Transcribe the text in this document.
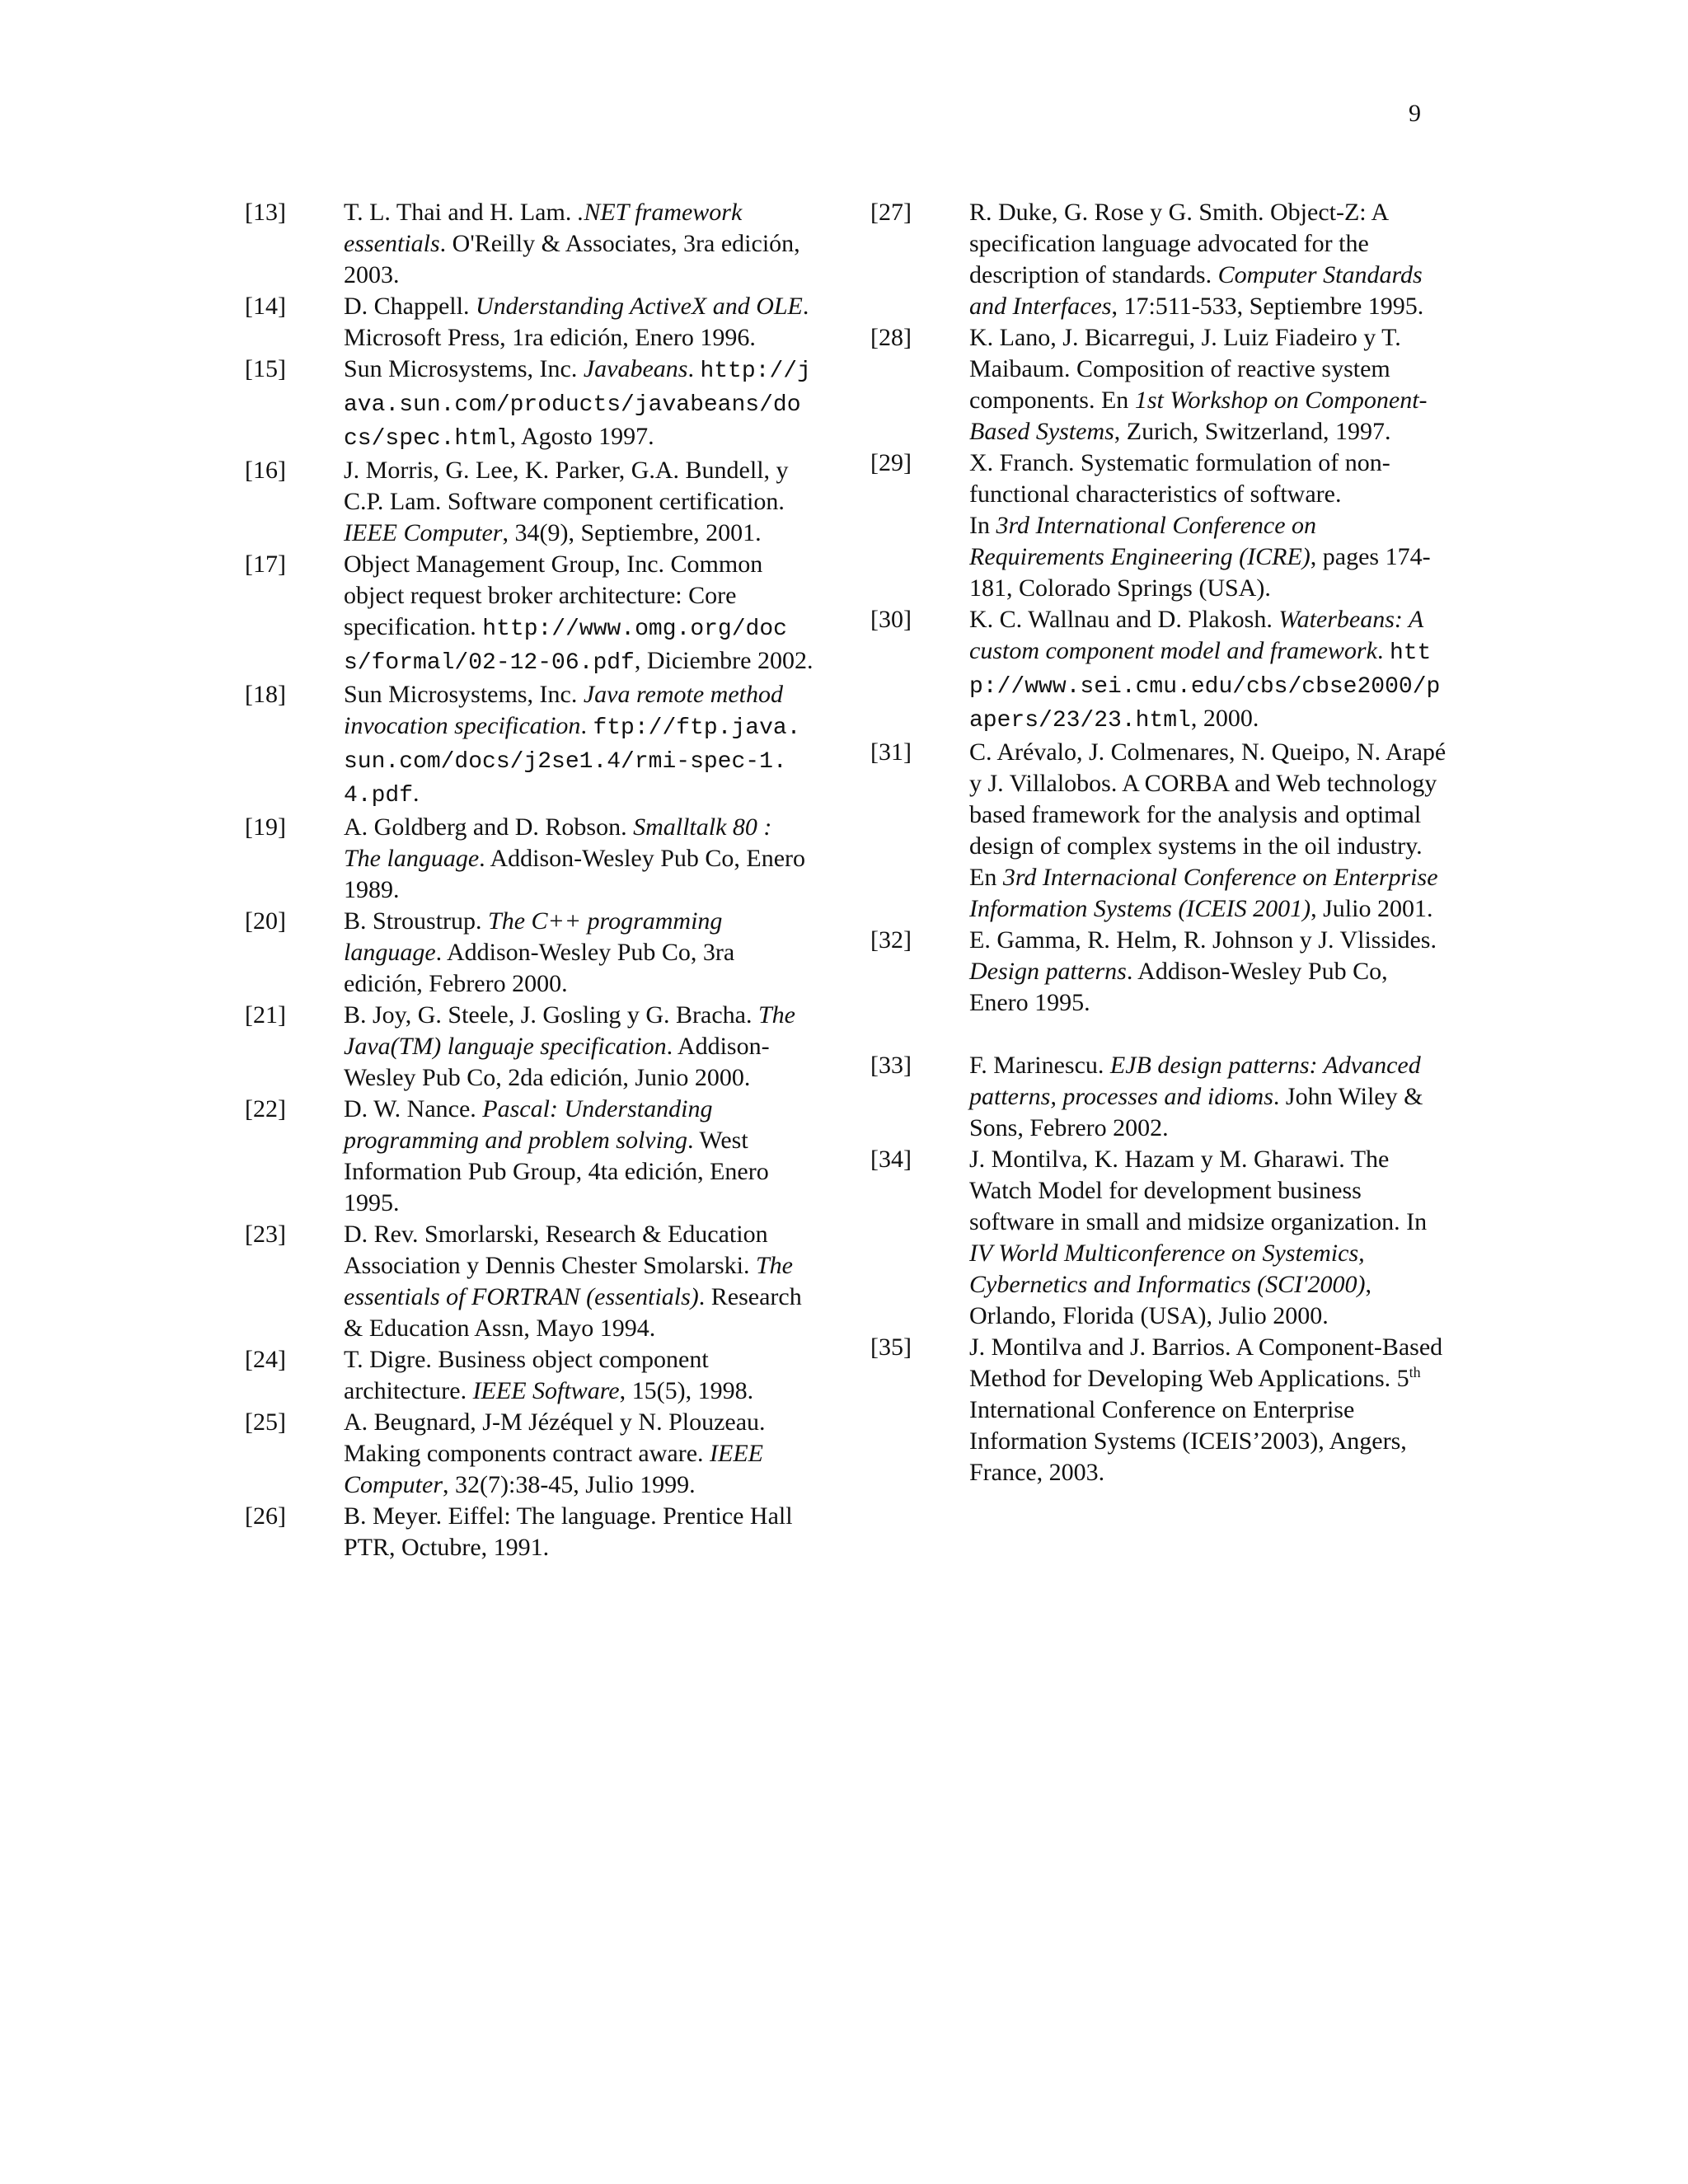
9
[13] T. L. Thai and H. Lam. .NET framework essentials. O'Reilly & Associates, 3ra edición, 2003.
[14] D. Chappell. Understanding ActiveX and OLE. Microsoft Press, 1ra edición, Enero 1996.
[15] Sun Microsystems, Inc. Javabeans. http://java.sun.com/products/javabeans/docs/spec.html, Agosto 1997.
[16] J. Morris, G. Lee, K. Parker, G.A. Bundell, y C.P. Lam. Software component certification. IEEE Computer, 34(9), Septiembre, 2001.
[17] Object Management Group, Inc. Common object request broker architecture: Core specification. http://www.omg.org/docs/formal/02-12-06.pdf, Diciembre 2002.
[18] Sun Microsystems, Inc. Java remote method invocation specification. ftp://ftp.java.sun.com/docs/j2se1.4/rmi-spec-1.4.pdf.
[19] A. Goldberg and D. Robson. Smalltalk 80 : The language. Addison-Wesley Pub Co, Enero 1989.
[20] B. Stroustrup. The C++ programming language. Addison-Wesley Pub Co, 3ra edición, Febrero 2000.
[21] B. Joy, G. Steele, J. Gosling y G. Bracha. The Java(TM) languaje specification. Addison-Wesley Pub Co, 2da edición, Junio 2000.
[22] D. W. Nance. Pascal: Understanding programming and problem solving. West Information Pub Group, 4ta edición, Enero 1995.
[23] D. Rev. Smorlarski, Research & Education Association y Dennis Chester Smolarski. The essentials of FORTRAN (essentials). Research & Education Assn, Mayo 1994.
[24] T. Digre. Business object component architecture. IEEE Software, 15(5), 1998.
[25] A. Beugnard, J-M Jézéquel y N. Plouzeau. Making components contract aware. IEEE Computer, 32(7):38-45, Julio 1999.
[26] B. Meyer. Eiffel: The language. Prentice Hall PTR, Octubre, 1991.
[27] R. Duke, G. Rose y G. Smith. Object-Z: A specification language advocated for the description of standards. Computer Standards and Interfaces, 17:511-533, Septiembre 1995.
[28] K. Lano, J. Bicarregui, J. Luiz Fiadeiro y T. Maibaum. Composition of reactive system components. En 1st Workshop on Component-Based Systems, Zurich, Switzerland, 1997.
[29] X. Franch. Systematic formulation of non-functional characteristics of software.
In 3rd International Conference on Requirements Engineering (ICRE), pages 174-181, Colorado Springs (USA).
[30] K. C. Wallnau and D. Plakosh. Waterbeans: A custom component model and framework. http://www.sei.cmu.edu/cbs/cbse2000/papers/23/23.html, 2000.
[31] C. Arévalo, J. Colmenares, N. Queipo, N. Arapé y J. Villalobos. A CORBA and Web technology based framework for the analysis and optimal design of complex systems in the oil industry. En 3rd Internacional Conference on Enterprise Information Systems (ICEIS 2001), Julio 2001.
[32] E. Gamma, R. Helm, R. Johnson y J. Vlissides. Design patterns. Addison-Wesley Pub Co, Enero 1995.
[33] F. Marinescu. EJB design patterns: Advanced patterns, processes and idioms. John Wiley & Sons, Febrero 2002.
[34] J. Montilva, K. Hazam y M. Gharawi. The Watch Model for development business software in small and midsize organization. In IV World Multiconference on Systemics, Cybernetics and Informatics (SCI'2000), Orlando, Florida (USA), Julio 2000.
[35] J. Montilva and J. Barrios. A Component-Based Method for Developing Web Applications. 5th International Conference on Enterprise Information Systems (ICEIS’2003), Angers, France, 2003.
